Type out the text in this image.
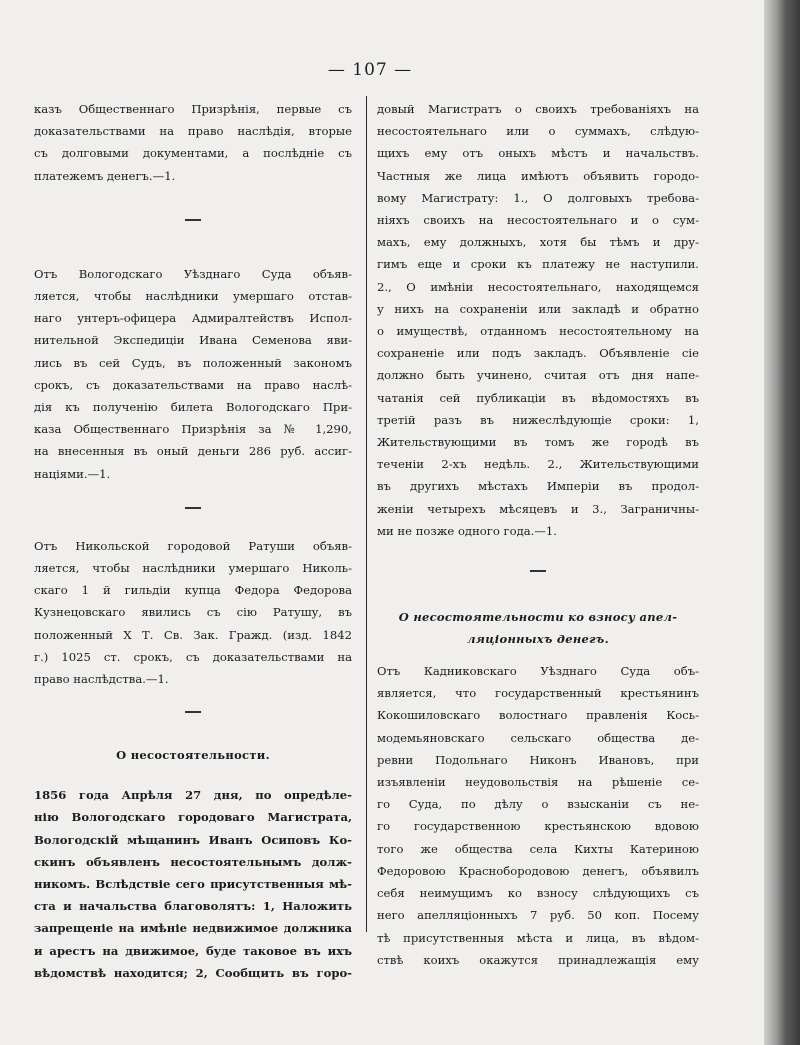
— 107 —

казъ Общественнаго Призрѣнія, первые съ

доказательствами на право наслѣдія, вторые

съ долговыми документами, а послѣдніе съ

платежемъ денегъ.—1.

Отъ Вологодскаго Уѣзднаго Суда объяв-

ляется, чтобы наслѣдники умершаго отстав-

наго унтеръ-офицера Адмиралтействъ Испол-

нительной Экспедиціи Ивана Семенова яви-

лись въ сей Судъ, въ положенный закономъ

срокъ, съ доказательствами на право наслѣ-

дія къ полученію билета Вологодскаго При-

каза Общественнаго Призрѣнія за № 1,290,

на внесенныя въ оный деньги 286 руб. ассиг-

націями.—1.

Отъ Никольской городовой Ратуши объяв-

ляется, чтобы наслѣдники умершаго Николь-

скаго 1 й гильдіи купца Федора Федорова

Кузнецовскаго явились съ сію Ратушу, въ

положенный Х Т. Св. Зак. Гражд. (изд. 1842

г.) 1025 ст. срокъ, съ доказательствами на

право наслѣдства.—1.

О несостоятельности.

1856 года Апрѣля 27 дня, по опредѣле-

нію Вологодскаго городоваго Магистрата,

Вологодскій мѣщанинъ Иванъ Осиповъ Ко-

скинъ объявленъ несостоятельнымъ долж-

никомъ. Вслѣдствіе сего присутственныя мѣ-

ста и начальства благоволятъ: 1, Наложить

запрещеніе на имѣніе недвижимое должника

и арестъ на движимое, буде таковое въ ихъ

вѣдомствѣ находится; 2, Сообщить въ горо-

довый Магистратъ о своихъ требованіяхъ на

несостоятельнаго или о суммахъ, слѣдую-

щихъ ему отъ оныхъ мѣстъ и начальствъ.

Частныя же лица имѣютъ объявить городо-

вому Магистрату: 1., О долговыхъ требова-

ніяхъ своихъ на несостоятельнаго и о сум-

махъ, ему должныхъ, хотя бы тѣмъ и дру-

гимъ еще и сроки къ платежу не наступили.

2., О имѣніи несостоятельнаго, находящемся

у нихъ на сохраненіи или закладѣ и обратно

о имуществѣ, отданномъ несостоятельному на

сохраненіе или подъ закладъ. Объявленіе сіе

должно быть учинено, считая отъ дня напе-

чатанія сей публикаціи въ вѣдомостяхъ въ

третій разъ въ нижеслѣдующіе сроки: 1,

Жительствующими въ томъ же городѣ въ

теченіи 2-хъ недѣль. 2., Жительствующими

въ другихъ мѣстахъ Имперіи въ продол-

женіи четырехъ мѣсяцевъ и 3., Заграничны-

ми не позже одного года.—1.

О несостоятельности ко взносу апел-
ляціонныхъ денегъ.

Отъ Кадниковскаго Уѣзднаго Суда объ-

является, что государственный крестьянинъ

Кокошиловскаго волостнаго правленія Кось-

модемьяновскаго сельскаго общества де-

ревни Подольнаго Никонъ Ивановъ, при

изъявленіи неудовольствія на рѣшеніе се-

го Суда, по дѣлу о взысканіи съ не-

го государственною крестьянскою вдовою

того же общества села Кихты Катериною

Федоровою Краснобородовою денегъ, объявилъ

себя неимущимъ ко взносу слѣдующихъ съ

него апелляціонныхъ 7 руб. 50 коп. Посему

тѣ присутственныя мѣста и лица, въ вѣдом-

ствѣ коихъ окажутся принадлежащія ему
